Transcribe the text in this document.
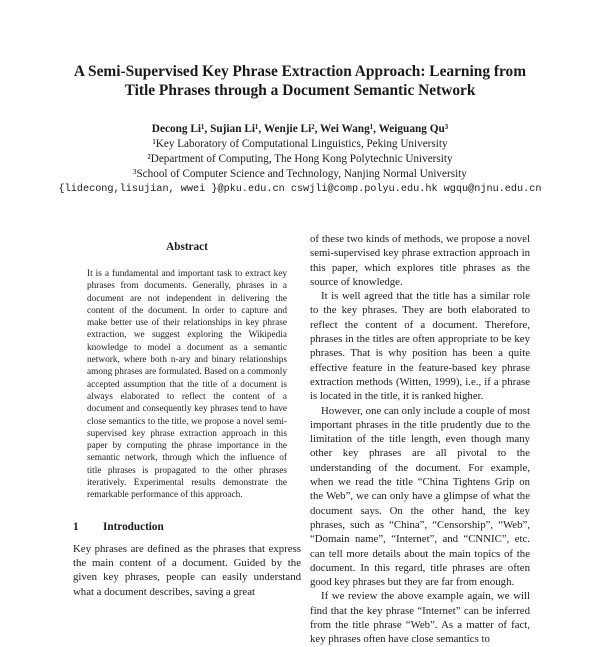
A Semi-Supervised Key Phrase Extraction Approach: Learning from
Title Phrases through a Document Semantic Network
Decong Li¹, Sujian Li¹, Wenjie Li², Wei Wang¹, Weiguang Qu³
¹Key Laboratory of Computational Linguistics, Peking University
²Department of Computing, The Hong Kong Polytechnic University
³School of Computer Science and Technology, Nanjing Normal University
{lidecong,lisujian, wwei }@pku.edu.cn cswjli@comp.polyu.edu.hk wgqu@njnu.edu.cn
Abstract

It is a fundamental and important task to extract key phrases from documents. Generally, phrases in a document are not independent in delivering the content of the document. In order to capture and make better use of their relationships in key phrase extraction, we suggest exploring the Wikipedia knowledge to model a document as a semantic network, where both n-ary and binary relationships among phrases are formulated. Based on a commonly accepted assumption that the title of a document is always elaborated to reflect the content of a document and consequently key phrases tend to have close semantics to the title, we propose a novel semi-supervised key phrase extraction approach in this paper by computing the phrase importance in the semantic network, through which the influence of title phrases is propagated to the other phrases iteratively. Experimental results demonstrate the remarkable performance of this approach.

1 Introduction

Key phrases are defined as the phrases that express the main content of a document. Guided by the given key phrases, people can easily understand what a document describes, saving a great

of these two kinds of methods, we propose a novel semi-supervised key phrase extraction approach in this paper, which explores title phrases as the source of knowledge.

It is well agreed that the title has a similar role to the key phrases. They are both elaborated to reflect the content of a document. Therefore, phrases in the titles are often appropriate to be key phrases. That is why position has been a quite effective feature in the feature-based key phrase extraction methods (Witten, 1999), i.e., if a phrase is located in the title, it is ranked higher.

However, one can only include a couple of most important phrases in the title prudently due to the limitation of the title length, even though many other key phrases are all pivotal to the understanding of the document. For example, when we read the title “China Tightens Grip on the Web”, we can only have a glimpse of what the document says. On the other hand, the key phrases, such as “China”, “Censorship”, “Web”, “Domain name”, “Internet”, and “CNNIC”, etc. can tell more details about the main topics of the document. In this regard, title phrases are often good key phrases but they are far from enough.

If we review the above example again, we will find that the key phrase “Internet” can be inferred from the title phrase “Web”. As a matter of fact, key phrases often have close semantics to
